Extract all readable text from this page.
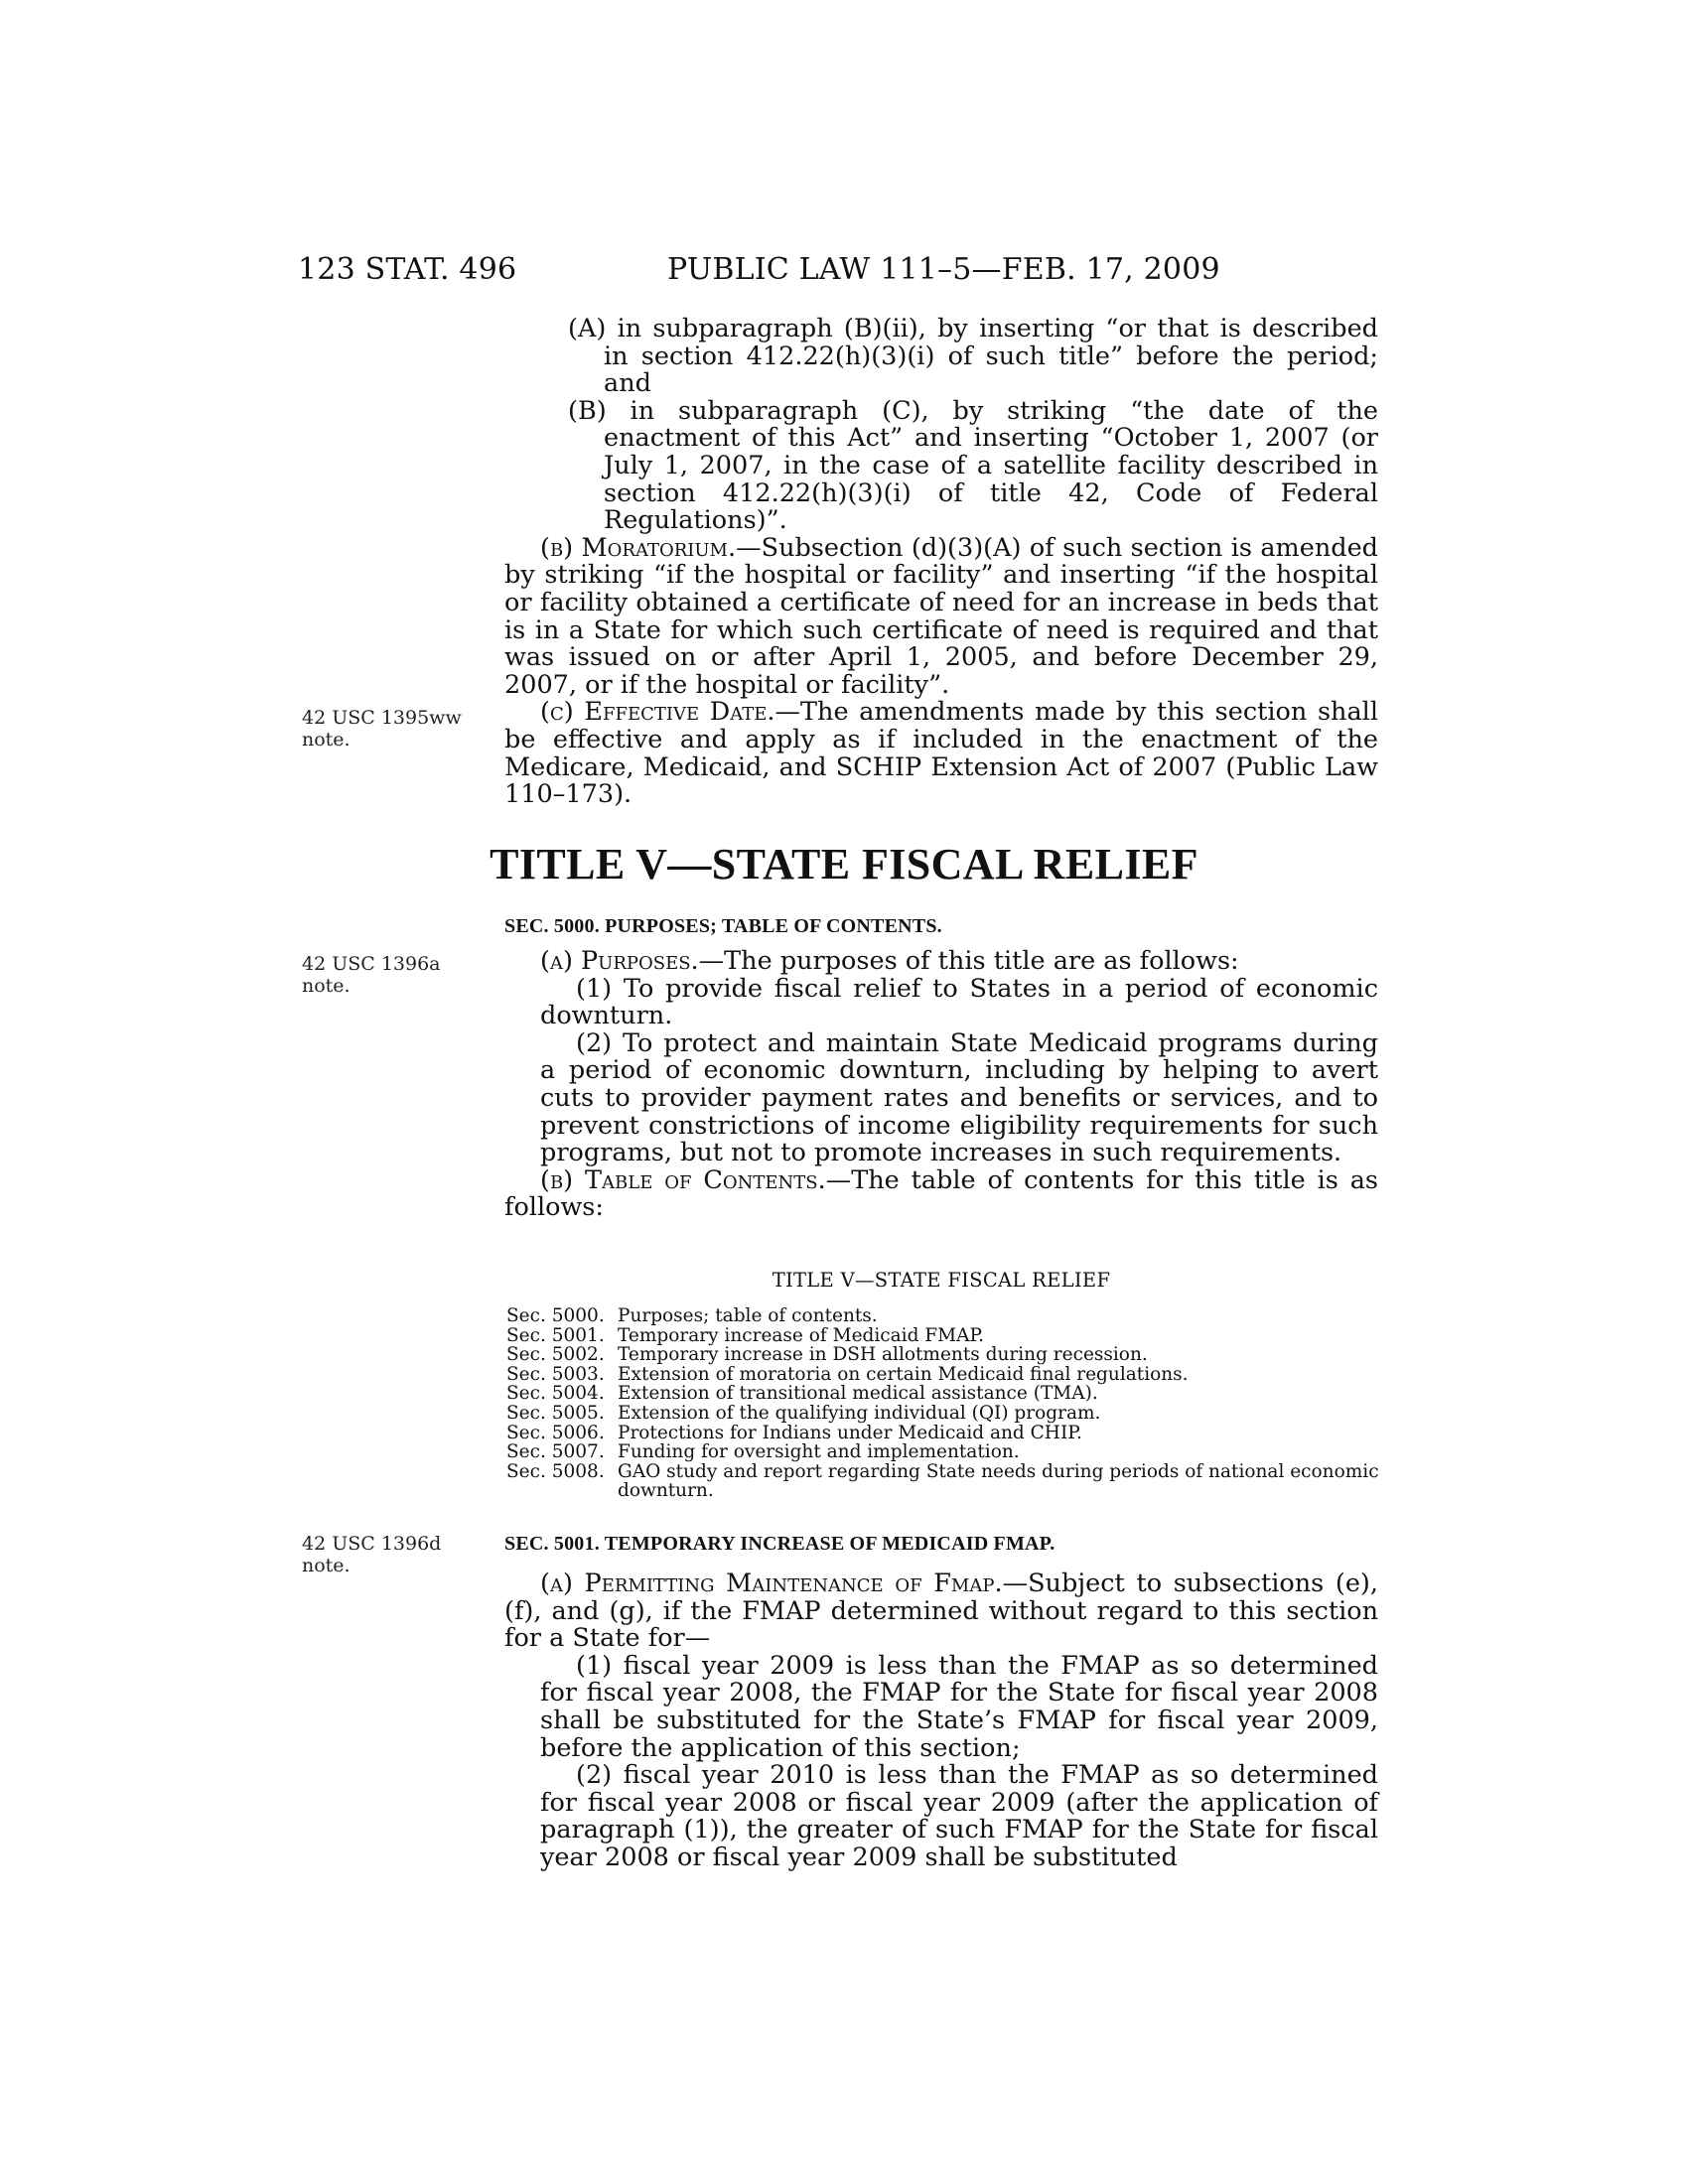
123 STAT. 496	PUBLIC LAW 111–5—FEB. 17, 2009

(A) in subparagraph (B)(ii), by inserting “or that is described in section 412.22(h)(3)(i) of such title” before the period; and

(B) in subparagraph (C), by striking “the date of the enactment of this Act” and inserting “October 1, 2007 (or July 1, 2007, in the case of a satellite facility described in section 412.22(h)(3)(i) of title 42, Code of Federal Regulations)”.

(b) Moratorium.—Subsection (d)(3)(A) of such section is amended by striking “if the hospital or facility” and inserting “if the hospital or facility obtained a certificate of need for an increase in beds that is in a State for which such certificate of need is required and that was issued on or after April 1, 2005, and before December 29, 2007, or if the hospital or facility”.

(c) Effective Date.—The amendments made by this section shall be effective and apply as if included in the enactment of the Medicare, Medicaid, and SCHIP Extension Act of 2007 (Public Law 110–173).

42 USC 1395ww
note.
TITLE V—STATE FISCAL RELIEF
SEC. 5000. PURPOSES; TABLE OF CONTENTS.
42 USC 1396a
note.

(a) Purposes.—The purposes of this title are as follows:

(1) To provide fiscal relief to States in a period of economic downturn.

(2) To protect and maintain State Medicaid programs during a period of economic downturn, including by helping to avert cuts to provider payment rates and benefits or services, and to prevent constrictions of income eligibility requirements for such programs, but not to promote increases in such requirements.

(b) Table of Contents.—The table of contents for this title is as follows:

TITLE V—STATE FISCAL RELIEF
Sec. 5000. Purposes; table of contents.
Sec. 5001. Temporary increase of Medicaid FMAP.
Sec. 5002. Temporary increase in DSH allotments during recession.
Sec. 5003. Extension of moratoria on certain Medicaid final regulations.
Sec. 5004. Extension of transitional medical assistance (TMA).
Sec. 5005. Extension of the qualifying individual (QI) program.
Sec. 5006. Protections for Indians under Medicaid and CHIP.
Sec. 5007. Funding for oversight and implementation.
Sec. 5008. GAO study and report regarding State needs during periods of national economic downturn.
42 USC 1396d
note.
SEC. 5001. TEMPORARY INCREASE OF MEDICAID FMAP.

(a) Permitting Maintenance of Fmap.—Subject to subsections (e), (f), and (g), if the FMAP determined without regard to this section for a State for—

(1) fiscal year 2009 is less than the FMAP as so determined for fiscal year 2008, the FMAP for the State for fiscal year 2008 shall be substituted for the State’s FMAP for fiscal year 2009, before the application of this section;

(2) fiscal year 2010 is less than the FMAP as so determined for fiscal year 2008 or fiscal year 2009 (after the application of paragraph (1)), the greater of such FMAP for the State for fiscal year 2008 or fiscal year 2009 shall be substituted
